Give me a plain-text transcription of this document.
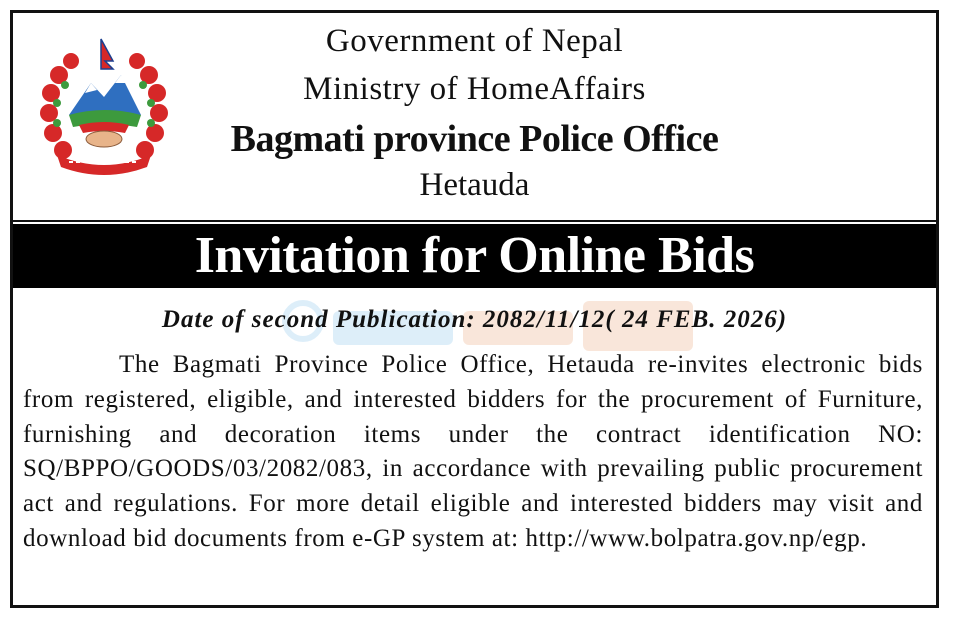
Government of Nepal
Ministry of HomeAffairs
Bagmati province Police Office
Hetauda
Invitation for Online Bids
Date of second Publication: 2082/11/12( 24 FEB. 2026)
The Bagmati Province Police Office, Hetauda re-invites electronic bids from registered, eligible, and interested bidders for the procurement of Furniture, furnishing and decoration items under the contract identification NO: SQ/BPPO/GOODS/03/2082/083, in accordance with prevailing public procurement act and regulations. For more detail eligible and interested bidders may visit and download bid documents from e-GP system at: http://www.bolpatra.gov.np/egp.
